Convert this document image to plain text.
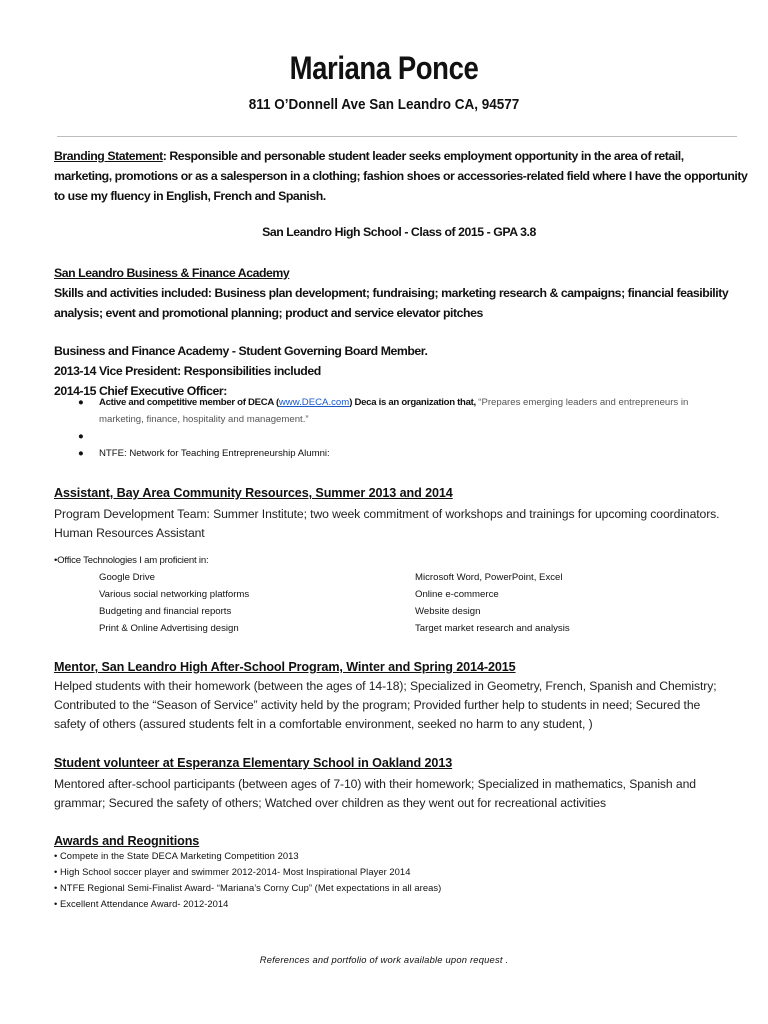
Mariana Ponce
811 O’Donnell Ave San Leandro CA, 94577
Branding Statement: Responsible and personable student leader seeks employment opportunity in the area of retail,
marketing, promotions or as a salesperson in a clothing; fashion shoes or accessories-related field where I have the opportunity
to use my fluency in English, French and Spanish.
San Leandro High School - Class of 2015 - GPA 3.8
San Leandro Business & Finance Academy
Skills and activities included: Business plan development; fundraising; marketing research & campaigns; financial feasibility
analysis; event and promotional planning; product and service elevator pitches
Business and Finance Academy - Student Governing Board Member.
2013-14 Vice President: Responsibilities included
2014-15 Chief Executive Officer:
● Active and competitive member of DECA (www.DECA.com) Deca is an organization that, “Prepares emerging leaders and entrepreneurs in
marketing, finance, hospitality and management.”
●
● NTFE: Network for Teaching Entrepreneurship Alumni:
Assistant, Bay Area Community Resources, Summer 2013 and 2014
Program Development Team: Summer Institute; two week commitment of workshops and trainings for upcoming coordinators.
Human Resources Assistant
•Office Technologies I am proficient in:
Google Drive
Various social networking platforms
Budgeting and financial reports
Print & Online Advertising design
Microsoft Word, PowerPoint, Excel
Online e-commerce
Website design
Target market research and analysis
Mentor, San Leandro High After-School Program, Winter and Spring 2014-2015
Helped students with their homework (between the ages of 14-18); Specialized in Geometry, French, Spanish and Chemistry;
Contributed to the “Season of Service” activity held by the program; Provided further help to students in need; Secured the
safety of others (assured students felt in a comfortable environment, seeked no harm to any student, )
Student volunteer at Esperanza Elementary School in Oakland 2013
Mentored after-school participants (between ages of 7-10) with their homework; Specialized in mathematics, Spanish and
grammar; Secured the safety of others; Watched over children as they went out for recreational activities
Awards and Reognitions
• Compete in the State DECA Marketing Competition 2013
• High School soccer player and swimmer 2012-2014- Most Inspirational Player 2014
• NTFE Regional Semi-Finalist Award- “Mariana’s Corny Cup” (Met expectations in all areas)
• Excellent Attendance Award- 2012-2014
References and portfolio of work available upon request .
